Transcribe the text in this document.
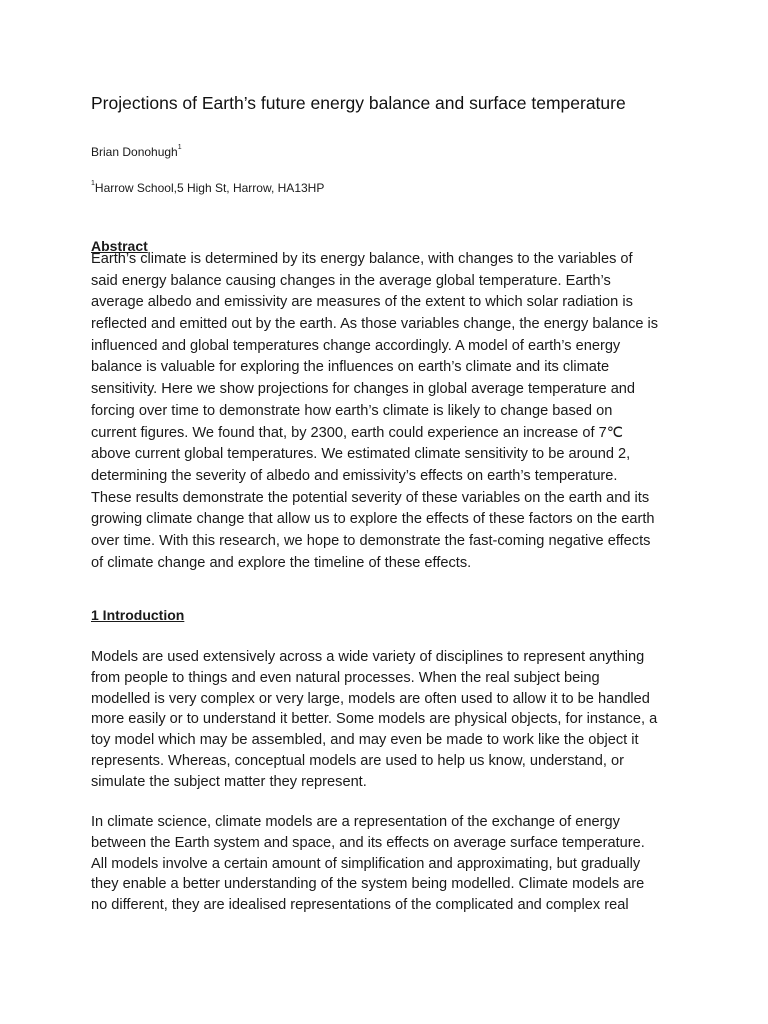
Projections of Earth’s future energy balance and surface temperature
Brian Donohugh$^1$
$^1$Harrow School,5 High St, Harrow, HA13HP
Abstract
Earth’s climate is determined by its energy balance, with changes to the variables of
said energy balance causing changes in the average global temperature. Earth’s
average albedo and emissivity are measures of the extent to which solar radiation is
reflected and emitted out by the earth. As those variables change, the energy balance is
influenced and global temperatures change accordingly. A model of earth’s energy
balance is valuable for exploring the influences on earth’s climate and its climate
sensitivity. Here we show projections for changes in global average temperature and
forcing over time to demonstrate how earth’s climate is likely to change based on
current figures. We found that, by 2300, earth could experience an increase of 7℃
above current global temperatures. We estimated climate sensitivity to be around 2,
determining the severity of albedo and emissivity’s effects on earth’s temperature.
These results demonstrate the potential severity of these variables on the earth and its
growing climate change that allow us to explore the effects of these factors on the earth
over time. With this research, we hope to demonstrate the fast-coming negative effects
of climate change and explore the timeline of these effects.
1 Introduction
Models are used extensively across a wide variety of disciplines to represent anything
from people to things and even natural processes. When the real subject being
modelled is very complex or very large, models are often used to allow it to be handled
more easily or to understand it better. Some models are physical objects, for instance, a
toy model which may be assembled, and may even be made to work like the object it
represents. Whereas, conceptual models are used to help us know, understand, or
simulate the subject matter they represent.
In climate science, climate models are a representation of the exchange of energy
between the Earth system and space, and its effects on average surface temperature.
All models involve a certain amount of simplification and approximating, but gradually
they enable a better understanding of the system being modelled. Climate models are
no different, they are idealised representations of the complicated and complex real
